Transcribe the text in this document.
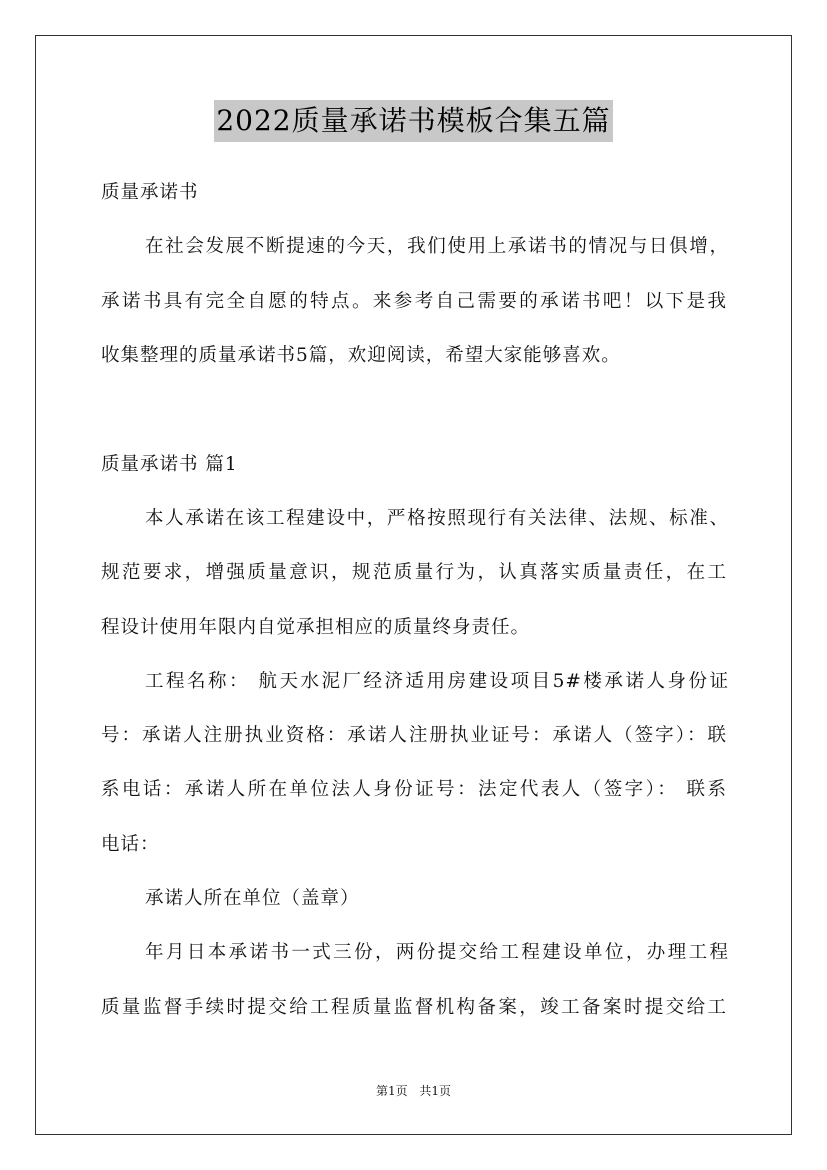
2022质量承诺书模板合集五篇
质量承诺书
在社会发展不断提速的今天，我们使用上承诺书的情况与日俱增，
承诺书具有完全自愿的特点。来参考自己需要的承诺书吧！以下是我
收集整理的质量承诺书5篇，欢迎阅读，希望大家能够喜欢。
质量承诺书 篇1
本人承诺在该工程建设中，严格按照现行有关法律、法规、标准、
规范要求，增强质量意识，规范质量行为，认真落实质量责任，在工
程设计使用年限内自觉承担相应的质量终身责任。
工程名称： 航天水泥厂经济适用房建设项目5#楼承诺人身份证
号：承诺人注册执业资格：承诺人注册执业证号：承诺人（签字）：联
系电话：承诺人所在单位法人身份证号：法定代表人（签字）： 联系
电话：
承诺人所在单位（盖章）
年月日本承诺书一式三份，两份提交给工程建设单位，办理工程
质量监督手续时提交给工程质量监督机构备案，竣工备案时提交给工
第1页 共1页
